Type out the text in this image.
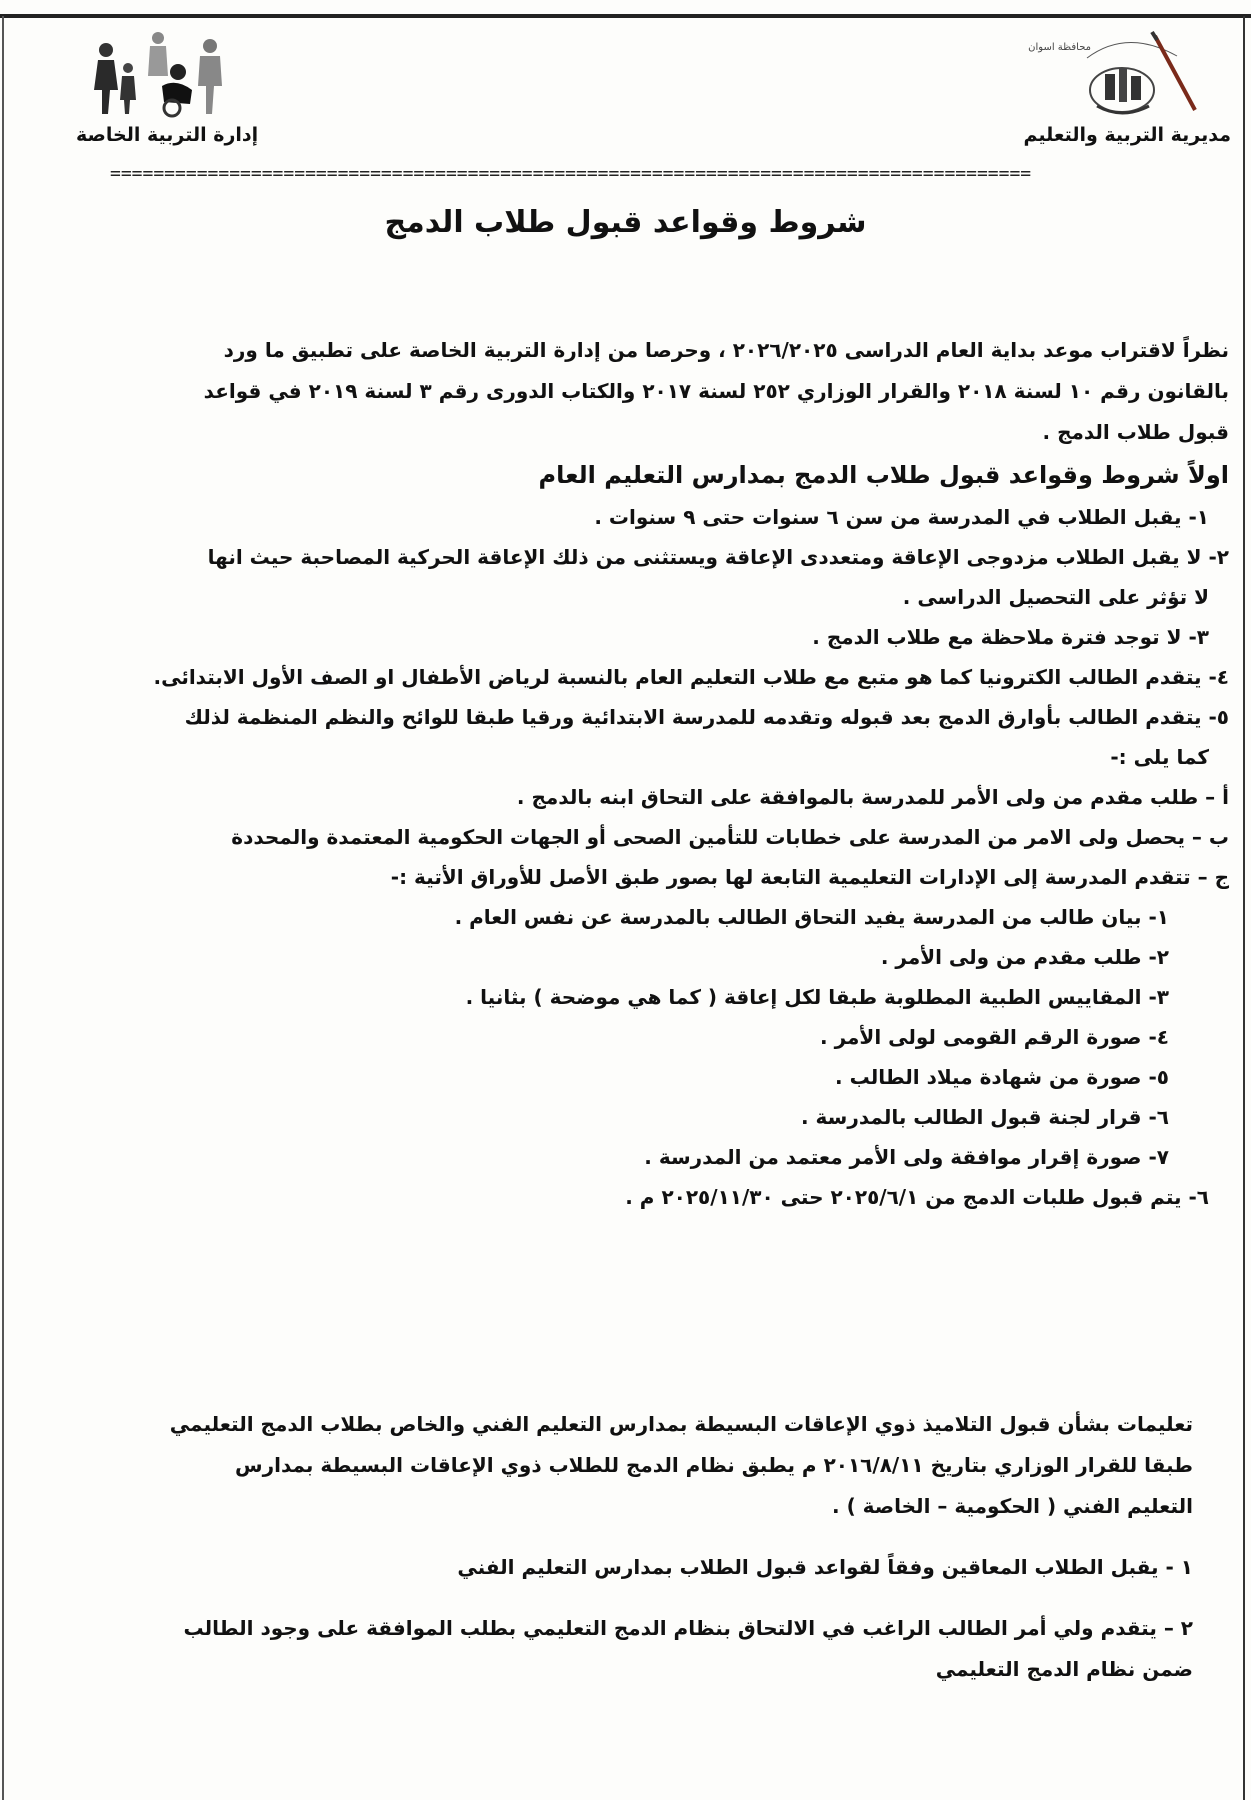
محافظة اسوان
مديرية التربية والتعليم
إدارة التربية الخاصة
=====================================================================================
شروط وقواعد قبول طلاب الدمج
نظراً لاقتراب موعد بداية العام الدراسى ٢٠٢٦/٢٠٢٥ ، وحرصا من إدارة التربية الخاصة على تطبيق ما ورد
بالقانون رقم ١٠ لسنة ٢٠١٨ والقرار الوزاري ٢٥٢ لسنة ٢٠١٧ والكتاب الدورى رقم ٣ لسنة ٢٠١٩ في قواعد
قبول طلاب الدمج .
اولاً شروط وقواعد قبول طلاب الدمج بمدارس التعليم العام
١- يقبل الطلاب في المدرسة من سن ٦ سنوات حتى ٩ سنوات .
٢- لا يقبل الطلاب مزدوجى الإعاقة ومتعددى الإعاقة ويستثنى من ذلك الإعاقة الحركية المصاحبة حيث انها
لا تؤثر على التحصيل الدراسى .
٣- لا توجد فترة ملاحظة مع طلاب الدمج .
٤- يتقدم الطالب الكترونيا كما هو متبع مع طلاب التعليم العام بالنسبة لرياض الأطفال او الصف الأول الابتدائى.
٥- يتقدم الطالب بأوارق الدمج بعد قبوله وتقدمه للمدرسة الابتدائية ورقيا طبقا للوائح والنظم المنظمة لذلك
كما يلى :-
أ – طلب مقدم من ولى الأمر للمدرسة بالموافقة على التحاق ابنه بالدمج .
ب – يحصل ولى الامر من المدرسة على خطابات للتأمين الصحى أو الجهات الحكومية المعتمدة والمحددة
ج – تتقدم المدرسة إلى الإدارات التعليمية التابعة لها بصور طبق الأصل للأوراق الأتية :-
١- بيان طالب من المدرسة يفيد التحاق الطالب بالمدرسة عن نفس العام .
٢- طلب مقدم من ولى الأمر .
٣- المقاييس الطبية المطلوبة طبقا لكل إعاقة ( كما هي موضحة ) بثانيا .
٤- صورة الرقم القومى لولى الأمر .
٥- صورة من شهادة ميلاد الطالب .
٦- قرار لجنة قبول الطالب بالمدرسة .
٧- صورة إقرار موافقة ولى الأمر معتمد من المدرسة .
٦- يتم قبول طلبات الدمج من ٢٠٢٥/٦/١ حتى ٢٠٢٥/١١/٣٠ م .
تعليمات بشأن قبول التلاميذ ذوي الإعاقات البسيطة بمدارس التعليم الفني والخاص بطلاب الدمج التعليمي
طبقا للقرار الوزاري بتاريخ ٢٠١٦/٨/١١ م يطبق نظام الدمج للطلاب ذوي الإعاقات البسيطة بمدارس
التعليم الفني ( الحكومية – الخاصة ) .
١ - يقبل الطلاب المعاقين وفقاً لقواعد قبول الطلاب بمدارس التعليم الفني
٢ – يتقدم ولي أمر الطالب الراغب في الالتحاق بنظام الدمج التعليمي بطلب الموافقة على وجود الطالب
ضمن نظام الدمج التعليمي
